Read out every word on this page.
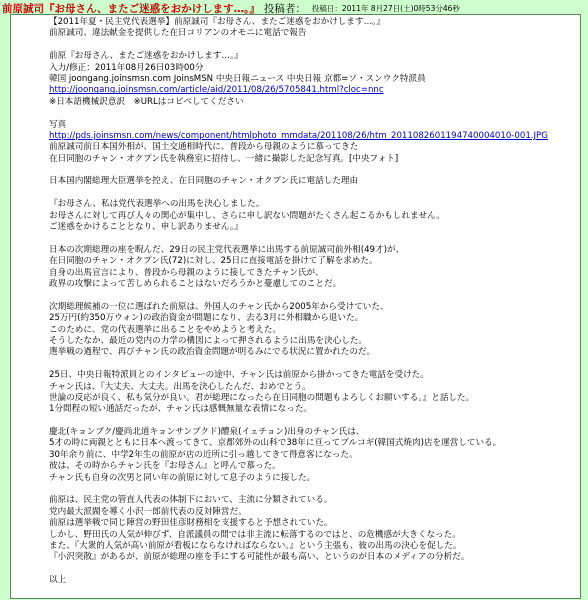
前原誠司『お母さん、またご迷惑をおかけします…。』 投稿者： 投稿日：2011年 8月27日(土)0時53分46秒
【2011年夏・民主党代表選挙】前原誠司『お母さん、またご迷惑をおかけします…。』
前原誠司、違法献金を提供した在日コリアンのオモニに電話で報告
前原『お母さん、またご迷惑をおかけします…。』
入力/修正：2011年08月26日03時00分
韓国 joongang.joinsmsn.com JoinsMSN 中央日報ニュース 中央日報 京都=ソ・スンウク特派員
http://joongang.joinsmsn.com/article/aid/2011/08/26/5705841.html?cloc=nnc
※日本語機械訳意訳　※URLはコピペしてください
写真
http://pds.joinsmsn.com/news/component/htmlphoto_mmdata/201108/26/htm_2011082601194740004010-001.JPG
前原誠司前日本国外相が、国土交通相時代に、普段から母親のように慕ってきた
在日同胞のチャン・オクプン氏を執務室に招待し、一緒に撮影した記念写真。[中央フォト]
日本国内閣総理大臣選挙を控え、在日同胞のチャン・オクプン氏に電話した理由
『お母さん、私は党代表選挙への出馬を決心しました。
お母さんに対して再び人々の関心が集中し、さらに申し訳ない問題がたくさん起こるかもしれません。
ご迷惑をかけることとなり、申し訳ありません。』
日本の次期総理の座を睨んだ、29日の民主党代表選挙に出馬する前原誠司前外相(49才)が、
在日同胞のチャン・オクプン氏(72)に対し、25日に直接電話を掛けて了解を求めた。
自身の出馬宣言により、普段から母親のように接してきたチャン氏が、
政界の攻撃によって苦しめられることはないだろうかと憂慮してのことだ。
次期総理候補の一位に選ばれた前原は、外国人のチャン氏から2005年から受けていた、
25万円(約350万ウォン)の政治資金が問題になり、去る3月に外相職から退いた。
このために、党の代表選挙に出ることをやめようと考えた。
そうしたなか、最近の党内の力学の構図によって押されるように出馬を決心した。
選挙戦の過程で、再びチャン氏の政治資金問題が明るみにでる状況に置かれたのだ。
25日、中央日報特派員とのインタビューの途中、チャン氏は前原から掛かってきた電話を受けた。
チャン氏は、『大丈夫、大丈夫。出馬を決心したんだ、おめでとう。
世論の反応が良く、私も気分が良い。君が総理になったら在日同胞の問題もよろしくお願いする。』と話した。
1分間程の短い通話だったが、チャン氏は感慨無量な表情になった。
慶北(キョンブク/慶尚北道キョンサンブクド)醴泉(イェチョン)出身のチャン氏は、
5才の時に両親とともに日本へ渡ってきて、京都郊外の山科で38年に亘ってブルコギ(韓国式焼肉)店を運営している。
30年余り前に、中学2年生の前原が店の近所に引っ越してきて得意客になった。
彼は、その時からチャン氏を『お母さん』と呼んで慕った。
チャン氏も自身の次男と同い年の前原に対して息子のように接した。
前原は、民主党の管直人代表の体制下において、主流に分類されている。
党内最大派閥を導く小沢一郎前代表の反対陣営だ。
前原は選挙戦で同じ陣営の野田佳彦財務相を支援すると予想されていた。
しかし、野田氏の人気が伸びず、自派議員の間では非主流に転落するのではと、の危機感が大きくなった。
また、『大衆的人気が高い前原が看板にならなければならない。』という主張も、彼の出馬の決心を促した。
『小沢突散』があるが、前原が総理の座を手にする可能性が最も高い、というのが日本のメディアの分析だ。
以上
